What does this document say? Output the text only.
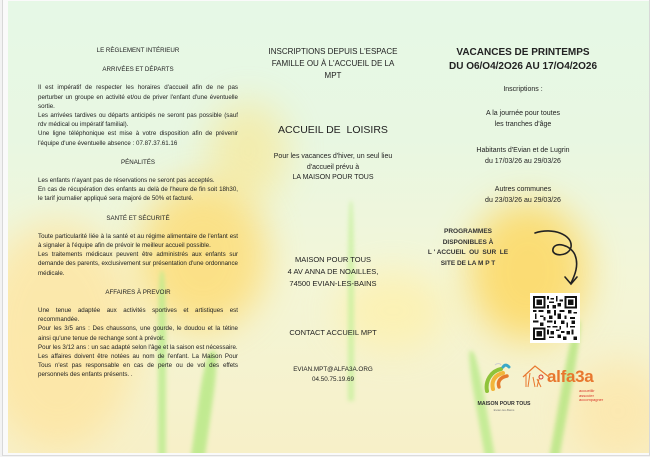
LE RÈGLEMENT INTÉRIEUR
ARRIVÉES ET DÉPARTS

Il est impératif de respecter les horaires d'accueil afin de ne pas perturber un groupe en activité et/ou de priver l'enfant d'une éventuelle sortie.

Les arrivées tardives ou départs anticipés ne seront pas possible (sauf rdv médical ou impératif familial).

Une ligne téléphonique est mise à votre disposition afin de prévenir l'équipe d'une éventuelle absence : 07.87.37.61.16

PÉNALITÉS

Les enfants n'ayant pas de réservations ne seront pas acceptés.

En cas de récupération des enfants au delà de l'heure de fin soit 18h30, le tarif journalier appliqué sera majoré de 50% et facturé.

SANTÉ ET SÉCURITÉ

Toute particularité liée à la santé et au régime alimentaire de l'enfant est à signaler à l'équipe afin de prévoir le meilleur accueil possible.

Les traitements médicaux peuvent être administrés aux enfants sur demande des parents, exclusivement sur présentation d'une ordonnance médicale.

AFFAIRES À PREVOIR

Une tenue adaptée aux activités sportives et artistiques est recommandée.

Pour les 3/5 ans : Des chaussons, une gourde, le doudou et la tétine ainsi qu'une tenue de rechange sont à prévoir.

Pour les 3/12 ans : un sac adapté selon l'âge et la saison est nécessaire.

Les affaires doivent être notées au nom de l'enfant. La Maison Pour Tous n'est pas responsable en cas de perte ou de vol des effets personnels des enfants présents. .

INSCRIPTIONS DEPUIS L'ESPACE FAMILLE OU À L'ACCUEIL DE LA MPT
ACCUEIL DE  LOISIRS
Pour les vacances d'hiver, un seul lieu
d'accueil prévu à
LA MAISON POUR TOUS
MAISON POUR TOUS
4 AV ANNA DE NOAILLES,
74500 EVIAN-LES-BAINS
CONTACT ACCUEIL MPT
EVIAN.MPT@ALFA3A.ORG
04.50.75.19.69
VACANCES DE PRINTEMPS
DU O6/O4/2O26 AU 17/O4/2O26
Inscriptions :
A la journée pour toutes
les tranches d'âge
Habitants d'Evian et de Lugrin
du 17/03/26 au 29/03/26
Autres communes
du 23/03/26 au 29/03/26
PROGRAMMES
DISPONIBLES À
L ' ACCUEIL  OU  SUR  LE
SITE DE LA M P T
MAISON POUR TOUS
Evian-les-Bains
alfa3a
accueillir
associer
accompagner
